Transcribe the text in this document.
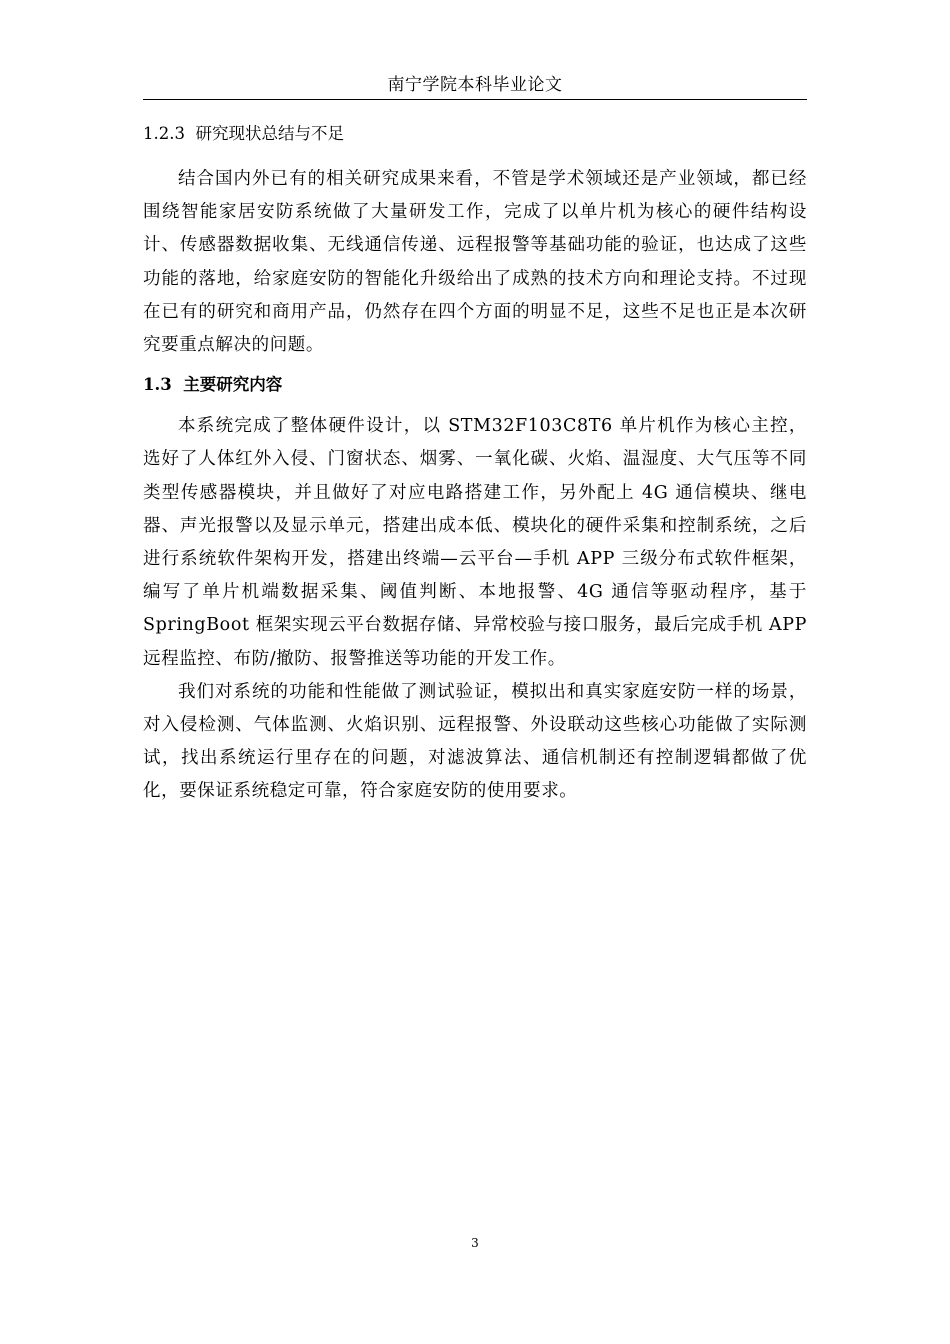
南宁学院本科毕业论文
1.2.3 研究现状总结与不足

结合国内外已有的相关研究成果来看，不管是学术领域还是产业领域，都已经围绕智能家居安防系统做了大量研发工作，完成了以单片机为核心的硬件结构设计、传感器数据收集、无线通信传递、远程报警等基础功能的验证，也达成了这些功能的落地，给家庭安防的智能化升级给出了成熟的技术方向和理论支持。不过现在已有的研究和商用产品，仍然存在四个方面的明显不足，这些不足也正是本次研究要重点解决的问题。

1.3 主要研究内容

本系统完成了整体硬件设计，以 STM32F103C8T6 单片机作为核心主控，选好了人体红外入侵、门窗状态、烟雾、一氧化碳、火焰、温湿度、大气压等不同类型传感器模块，并且做好了对应电路搭建工作，另外配上 4G 通信模块、继电器、声光报警以及显示单元，搭建出成本低、模块化的硬件采集和控制系统，之后进行系统软件架构开发，搭建出终端—云平台—手机 APP 三级分布式软件框架，编写了单片机端数据采集、阈值判断、本地报警、4G 通信等驱动程序，基于 SpringBoot 框架实现云平台数据存储、异常校验与接口服务，最后完成手机 APP 远程监控、布防/撤防、报警推送等功能的开发工作。

我们对系统的功能和性能做了测试验证，模拟出和真实家庭安防一样的场景，对入侵检测、气体监测、火焰识别、远程报警、外设联动这些核心功能做了实际测试，找出系统运行里存在的问题，对滤波算法、通信机制还有控制逻辑都做了优化，要保证系统稳定可靠，符合家庭安防的使用要求。

3
